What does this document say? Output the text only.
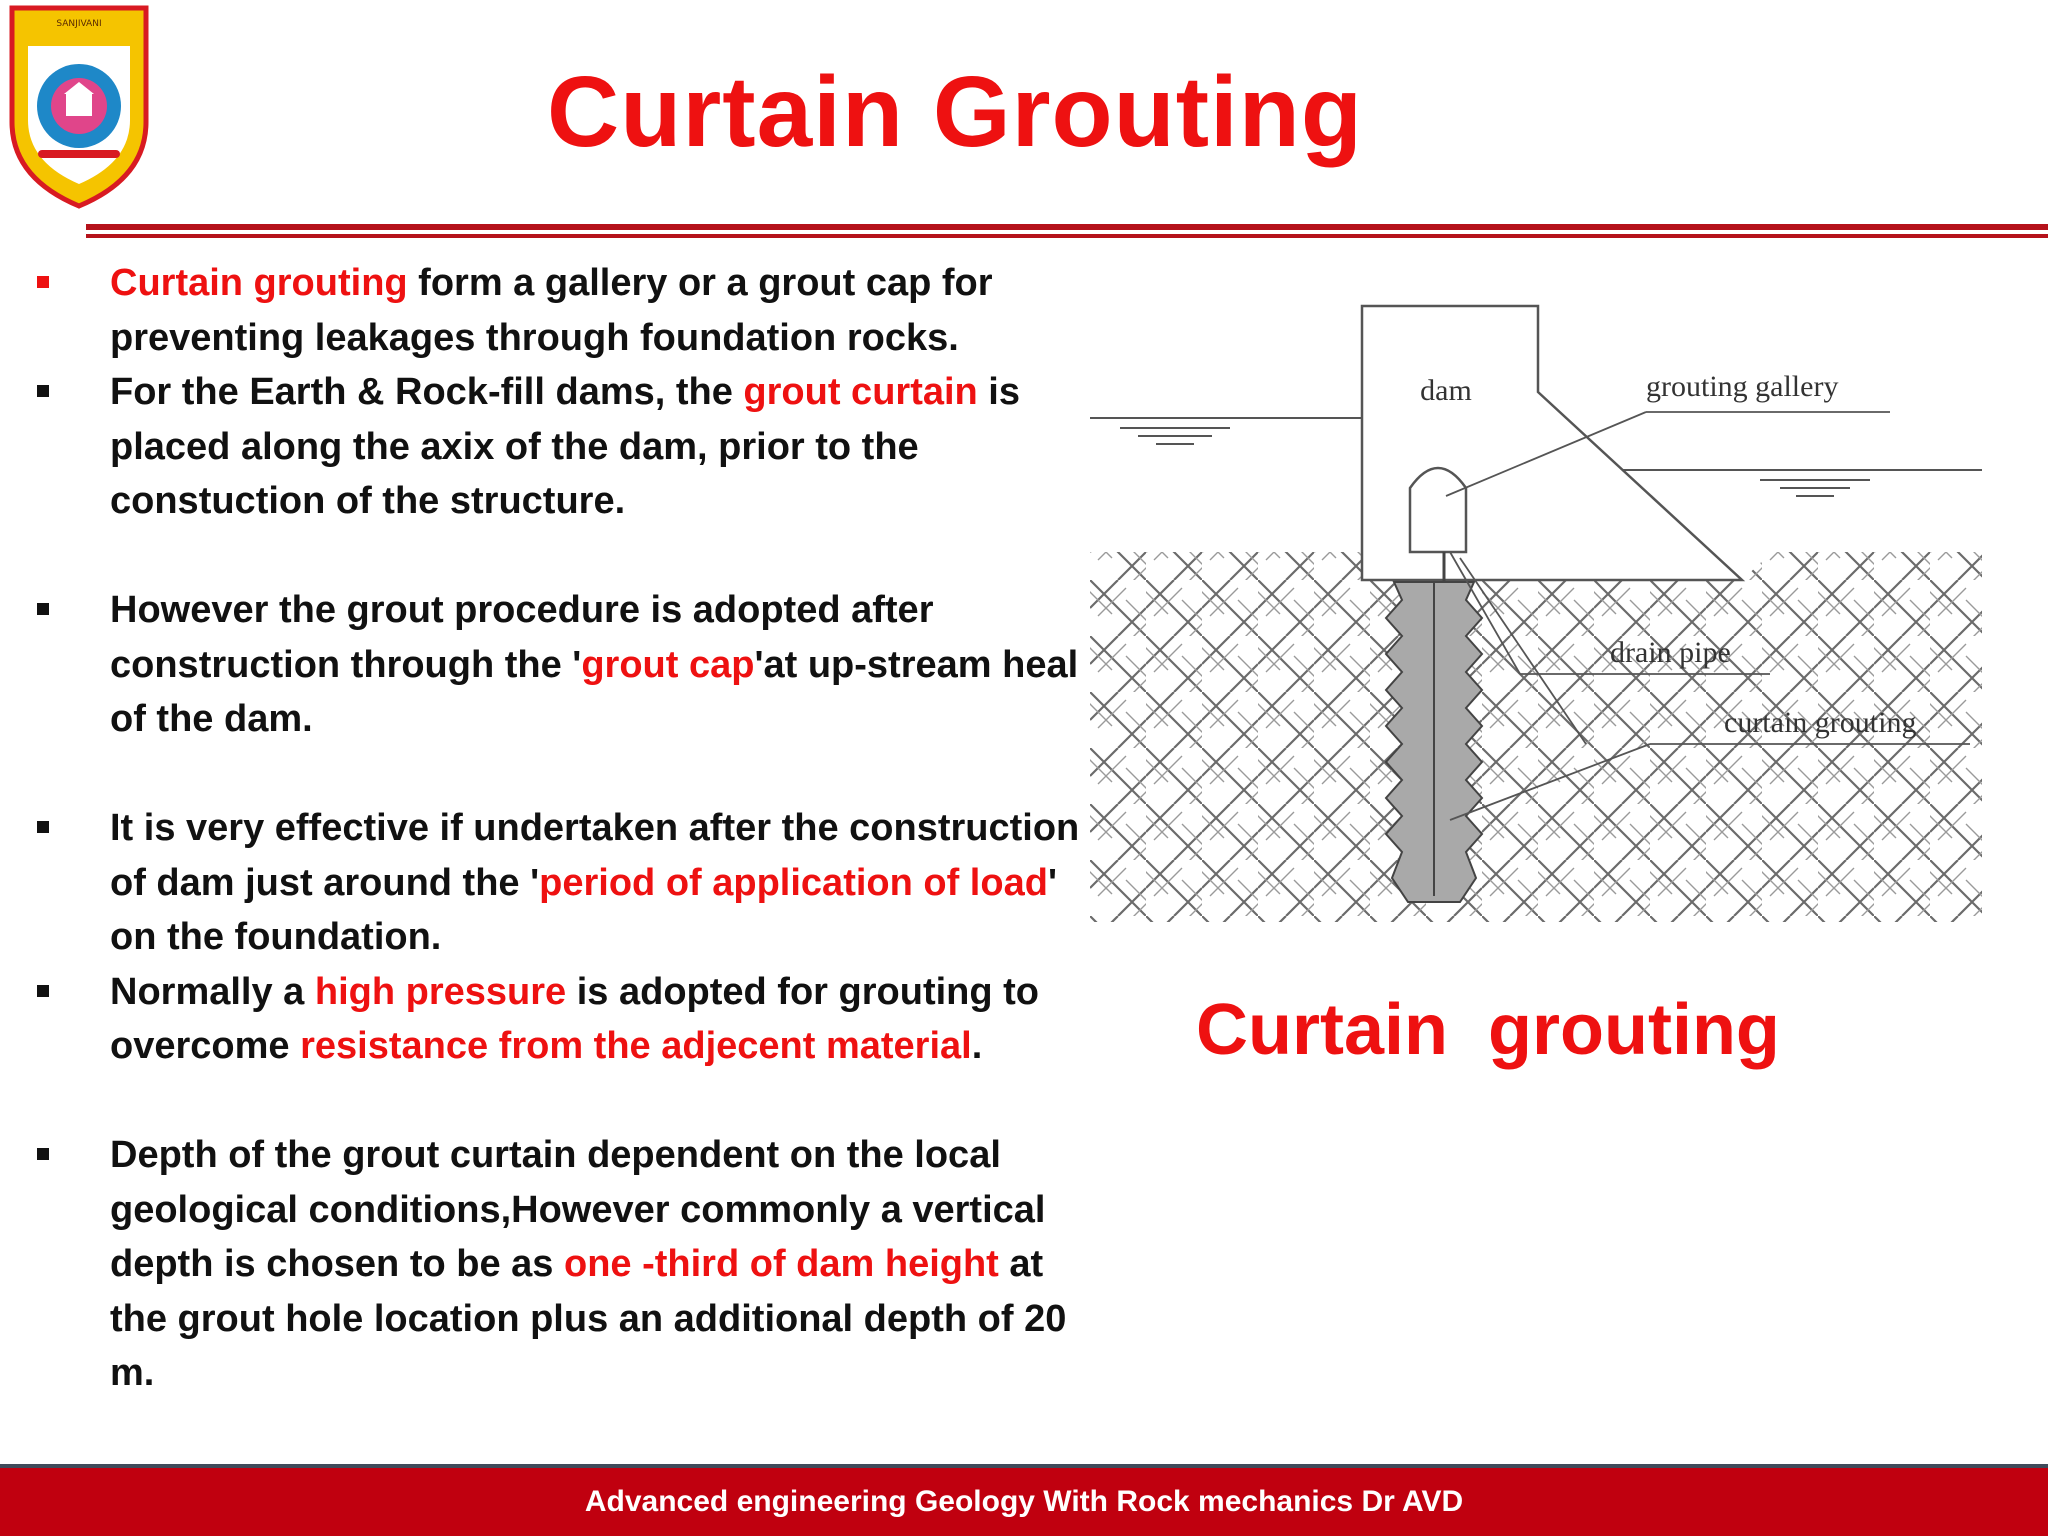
SANJIVANI
Curtain Grouting
Curtain grouting form a gallery or a grout cap for preventing leakages through foundation rocks.
For the Earth & Rock-fill dams, the grout curtain is placed along the axix of the dam, prior to the constuction of the structure.
However the grout procedure is adopted after construction through the 'grout cap'at up-stream heal of the dam.
It is very effective if undertaken after the construction of dam just around the 'period of application of load' on the foundation.
Normally a high pressure is adopted for grouting to overcome resistance from the adjecent material.
Depth of the grout curtain dependent on the local geological conditions,However commonly a vertical depth is chosen to be as one -third of dam height at the grout hole location plus an additional depth of 20 m.
dam	grouting gallery
drain pipe
curtain grouting
Curtain  grouting
Advanced engineering Geology With Rock mechanics Dr AVD
